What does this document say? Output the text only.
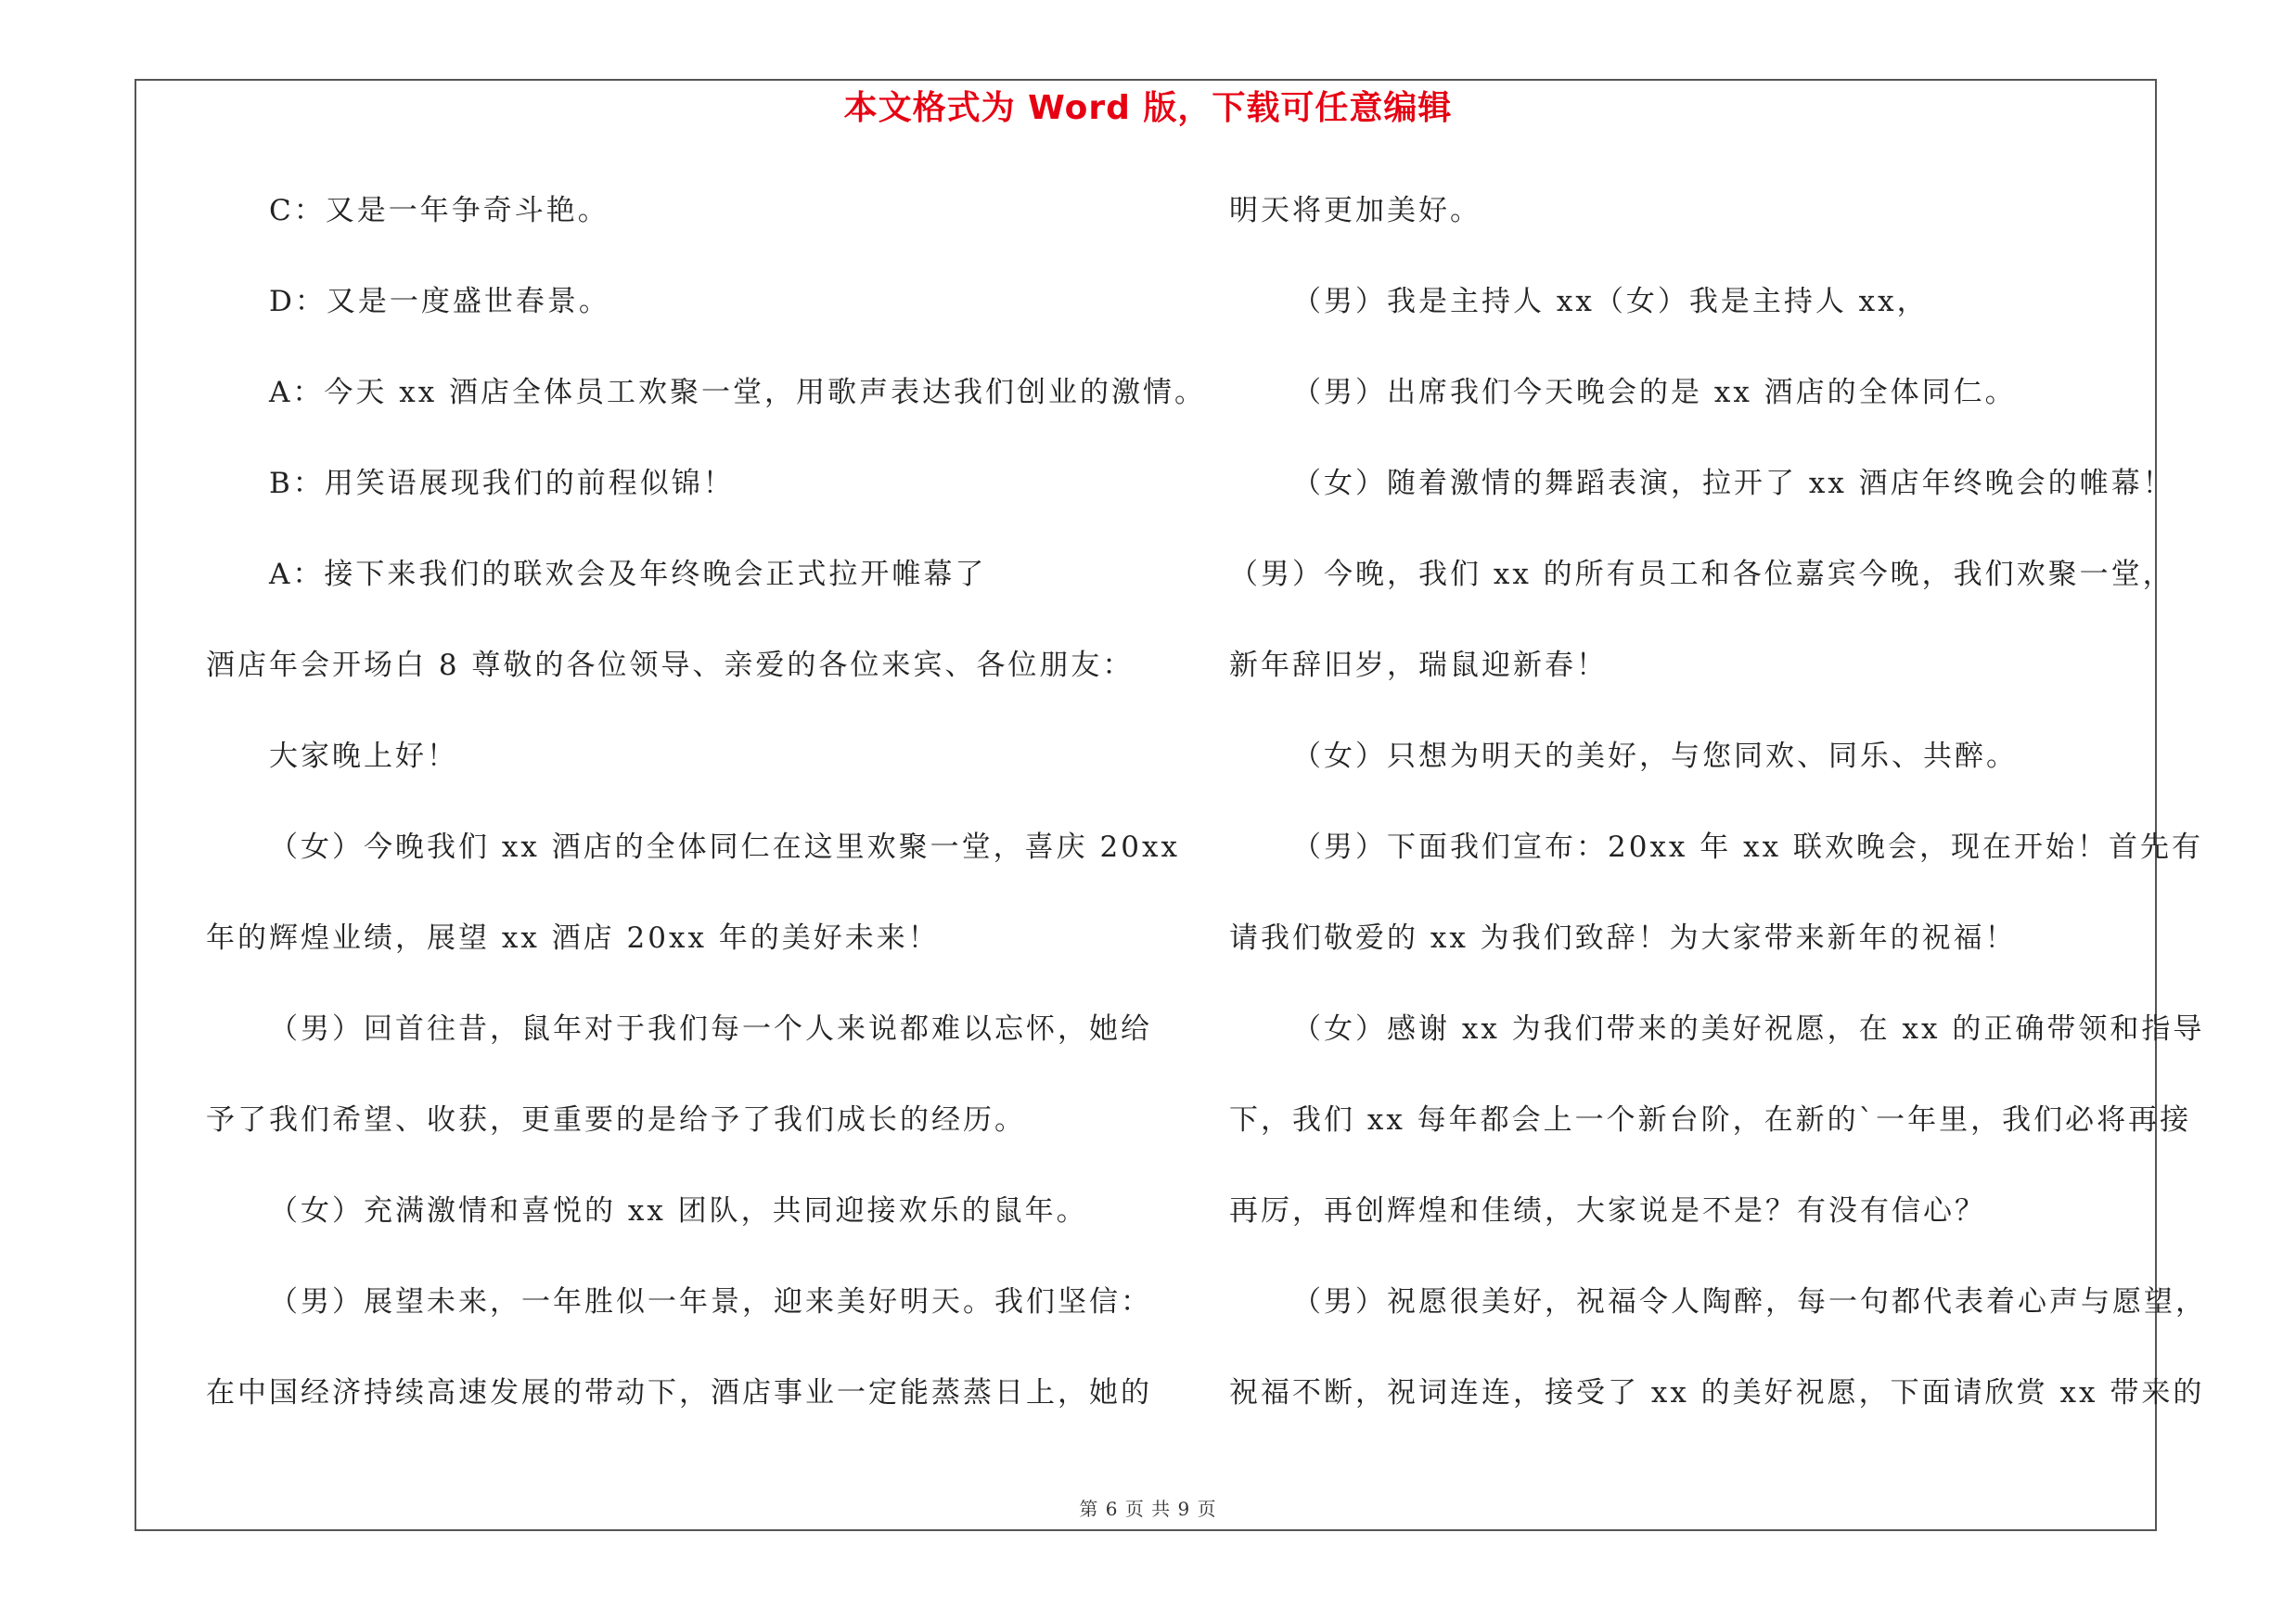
本文格式为 Word 版，下载可任意编辑
C：又是一年争奇斗艳。
D：又是一度盛世春景。
A：今天 xx 酒店全体员工欢聚一堂，用歌声表达我们创业的激情。
B：用笑语展现我们的前程似锦！
A：接下来我们的联欢会及年终晚会正式拉开帷幕了
酒店年会开场白 8 尊敬的各位领导、亲爱的各位来宾、各位朋友：
大家晚上好！
（女）今晚我们 xx 酒店的全体同仁在这里欢聚一堂，喜庆 20xx
年的辉煌业绩，展望 xx 酒店 20xx 年的美好未来！
（男）回首往昔，鼠年对于我们每一个人来说都难以忘怀，她给
予了我们希望、收获，更重要的是给予了我们成长的经历。
（女）充满激情和喜悦的 xx 团队，共同迎接欢乐的鼠年。
（男）展望未来，一年胜似一年景，迎来美好明天。我们坚信：
在中国经济持续高速发展的带动下，酒店事业一定能蒸蒸日上，她的
明天将更加美好。
（男）我是主持人 xx（女）我是主持人 xx，
（男）出席我们今天晚会的是 xx 酒店的全体同仁。
（女）随着激情的舞蹈表演，拉开了 xx 酒店年终晚会的帷幕！
（男）今晚，我们 xx 的所有员工和各位嘉宾今晚，我们欢聚一堂，
新年辞旧岁，瑞鼠迎新春！
（女）只想为明天的美好，与您同欢、同乐、共醉。
（男）下面我们宣布：20xx 年 xx 联欢晚会，现在开始！首先有
请我们敬爱的 xx 为我们致辞！为大家带来新年的祝福！
（女）感谢 xx 为我们带来的美好祝愿，在 xx 的正确带领和指导
下，我们 xx 每年都会上一个新台阶，在新的`一年里，我们必将再接
再厉，再创辉煌和佳绩，大家说是不是？有没有信心？
（男）祝愿很美好，祝福令人陶醉，每一句都代表着心声与愿望，
祝福不断，祝词连连，接受了 xx 的美好祝愿，下面请欣赏 xx 带来的
第 6 页 共 9 页
